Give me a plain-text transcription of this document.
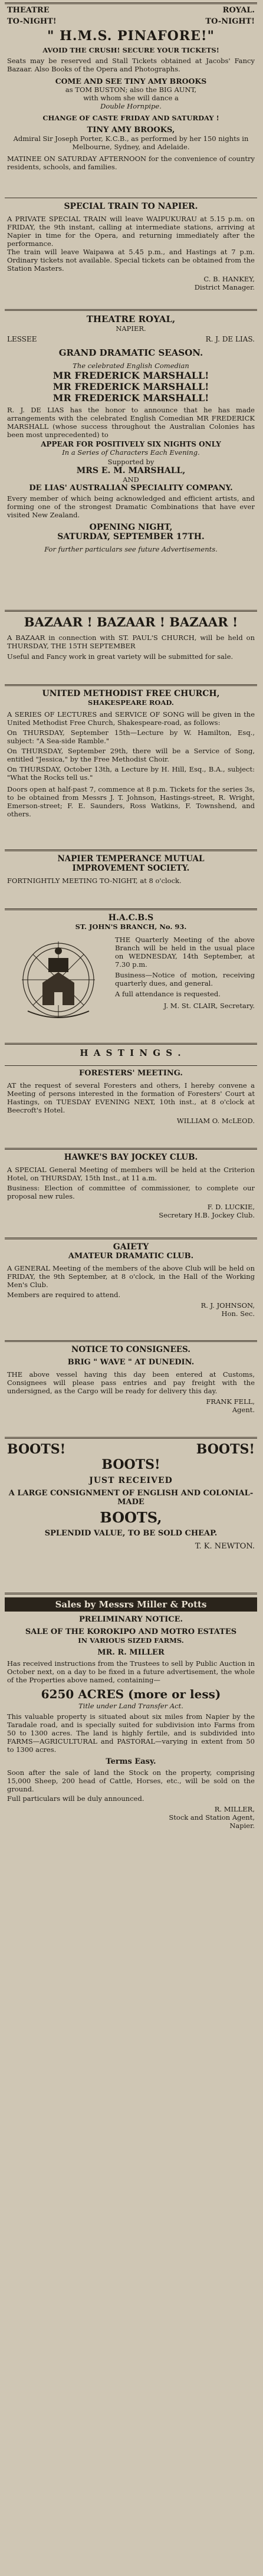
THEATRE	ROYAL.
TO-NIGHT!	TO-NIGHT!
" H.M.S. PINAFORE!"
AVOID THE CRUSH! SECURE YOUR TICKETS!
Seats may be reserved and Stall Tickets obtained at Jacobs' Fancy Bazaar. Also Books of the Opera and Photographs.
COME AND SEE TINY AMY BROOKS
as TOM BUSTON; also the BIG AUNT,
with whom she will dance a
Double Hornpipe.
CHANGE OF CASTE FRIDAY AND SATURDAY !
TINY AMY BROOKS,
Admiral Sir Joseph Porter, K.C.B., as performed by her 150 nights in Melbourne, Sydney, and Adelaide.
MATINEE ON SATURDAY AFTERNOON for the convenience of country residents, schools, and families.
SPECIAL TRAIN TO NAPIER.
A PRIVATE SPECIAL TRAIN will leave WAIPUKURAU at 5.15 p.m. on FRIDAY, the 9th instant, calling at intermediate stations, arriving at Napier in time for the Opera, and returning immediately after the performance.
The train will leave Waipawa at 5.45 p.m., and Hastings at 7 p.m. Ordinary tickets not available. Special tickets can be obtained from the Station Masters.
C. B. HANKEY,
District Manager.
THEATRE ROYAL,
NAPIER.
LESSEE	R. J. DE LIAS.
GRAND DRAMATIC SEASON.
The celebrated English Comedian
MR FREDERICK MARSHALL!
MR FREDERICK MARSHALL!
MR FREDERICK MARSHALL!
R. J. DE LIAS has the honor to announce that he has made arrangements with the celebrated English Comedian MR FREDERICK MARSHALL (whose success throughout the Australian Colonies has been most unprecedented) to
APPEAR FOR POSITIVELY SIX NIGHTS ONLY
In a Series of Characters Each Evening.
Supported by
MRS E. M. MARSHALL,
AND
DE LIAS' AUSTRALIAN SPECIALITY COMPANY.
Every member of which being acknowledged and efficient artists, and forming one of the strongest Dramatic Combinations that have ever visited New Zealand.
OPENING NIGHT,
SATURDAY, SEPTEMBER 17TH.
For further particulars see future Advertisements.
BAZAAR ! BAZAAR ! BAZAAR !
A BAZAAR in connection with ST. PAUL'S CHURCH, will be held on THURSDAY, THE 15TH SEPTEMBER
Useful and Fancy work in great variety will be submitted for sale.
UNITED METHODIST FREE CHURCH,
SHAKESPEARE ROAD.
A SERIES OF LECTURES and SERVICE OF SONG will be given in the United Methodist Free Church, Shakespeare-road, as follows:
On THURSDAY, September 15th—Lecture by W. Hamilton, Esq., subject: "A Sea-side Ramble."
On THURSDAY, September 29th, there will be a Service of Song, entitled "Jessica," by the Free Methodist Choir.
On THURSDAY, October 13th, a Lecture by H. Hill, Esq., B.A., subject: "What the Rocks tell us."
Doors open at half-past 7, commence at 8 p.m. Tickets for the series 3s, to be obtained from Messrs J. T. Johnson, Hastings-street, R. Wright, Emerson-street; F. E. Saunders, Ross Watkins, F. Townshend, and others.
NAPIER TEMPERANCE MUTUAL
IMPROVEMENT SOCIETY.
FORTNIGHTLY MEETING TO-NIGHT, at 8 o'clock.
H.A.C.B.S
ST. JOHN'S BRANCH, No. 93.
THE Quarterly Meeting of the above Branch will be held in the usual place on WEDNESDAY, 14th September, at 7.30 p.m.
Business—Notice of motion, receiving quarterly dues, and general.
A full attendance is requested.
J. M. St. CLAIR, Secretary.
H A S T I N G S .
FORESTERS' MEETING.
AT the request of several Foresters and others, I hereby convene a Meeting of persons interested in the formation of Foresters' Court at Hastings, on TUESDAY EVENING NEXT, 10th inst., at 8 o'clock at Beecroft's Hotel.
WILLIAM O. McLEOD.
HAWKE'S BAY JOCKEY CLUB.
A SPECIAL General Meeting of members will be held at the Criterion Hotel, on THURSDAY, 15th Inst., at 11 a.m.
Business: Election of committee of commissioner, to complete our proposal new rules.
F. D. LUCKIE,
Secretary H.B. Jockey Club.
GAIETY
AMATEUR DRAMATIC CLUB.
A GENERAL Meeting of the members of the above Club will be held on FRIDAY, the 9th September, at 8 o'clock, in the Hall of the Working Men's Club.
Members are required to attend.
R. J. JOHNSON,
Hon. Sec.
NOTICE TO CONSIGNEES.
BRIG " WAVE " AT DUNEDIN.
THE above vessel having this day been entered at Customs, Consignees will please pass entries and pay freight with the undersigned, as the Cargo will be ready for delivery this day.
FRANK FELL,
Agent.
BOOTS!	BOOTS!
BOOTS!
JUST RECEIVED
A LARGE CONSIGNMENT OF ENGLISH AND COLONIAL-MADE
BOOTS,
SPLENDID VALUE, TO BE SOLD CHEAP.
T. K. NEWTON.
Sales by Messrs Miller & Potts
PRELIMINARY NOTICE.
SALE OF THE KOROKIPO AND MOTRO ESTATES
IN VARIOUS SIZED FARMS.
MR. R. MILLER
Has received instructions from the Trustees to sell by Public Auction in October next, on a day to be fixed in a future advertisement, the whole of the Properties above named, containing—
6250 ACRES (more or less)
Title under Land Transfer Act.
This valuable property is situated about six miles from Napier by the Taradale road, and is specially suited for subdivision into Farms from 50 to 1300 acres. The land is highly fertile, and is subdivided into FARMS—AGRICULTURAL and PASTORAL—varying in extent from 50 to 1300 acres.
Terms Easy.
Soon after the sale of land the Stock on the property, comprising 15,000 Sheep, 200 head of Cattle, Horses, etc., will be sold on the ground.
Full particulars will be duly announced.
R. MILLER,
Stock and Station Agent,
Napier.
